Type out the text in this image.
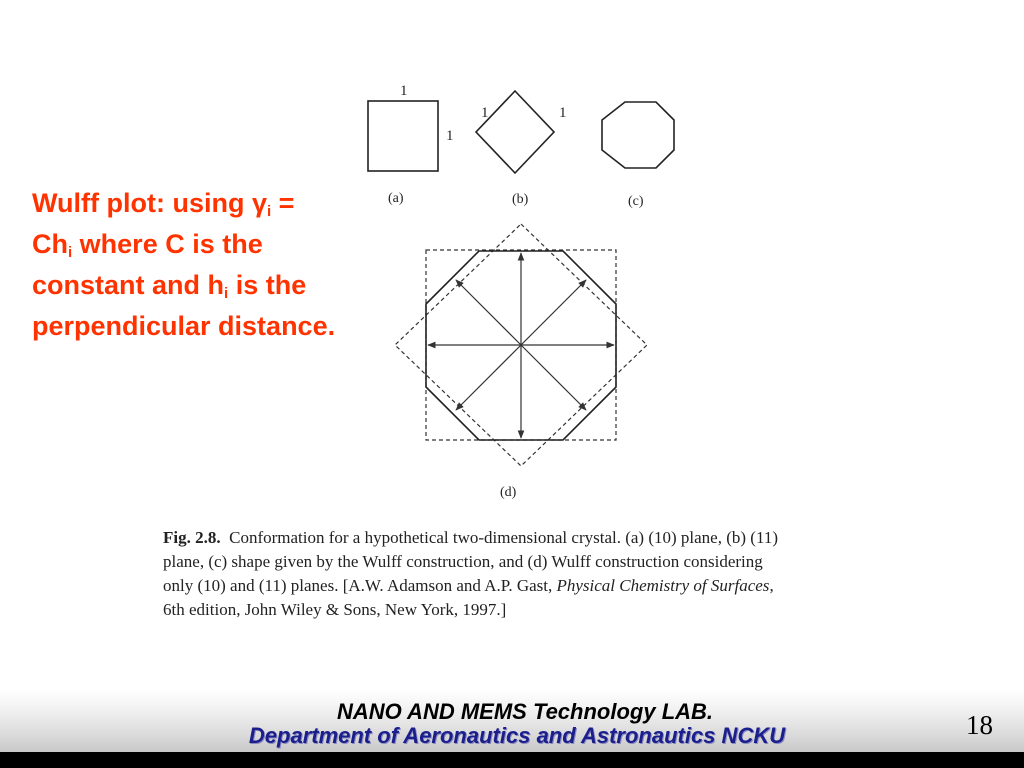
1
1
(a)
1	1
(b)	(c)
(d)
Fig. 2.8. Conformation for a hypothetical two-dimensional crystal. (a) (10) plane, (b) (11)
plane, (c) shape given by the Wulff construction, and (d) Wulff construction considering
only (10) and (11) planes. [A.W. Adamson and A.P. Gast, Physical Chemistry of Surfaces,
6th edition, John Wiley & Sons, New York, 1997.]
Wulff plot: using $\gamma_i$ =
$Ch_i$ where C is the
constant and $h_i$ is the
perpendicular distance.
NANO AND MEMS Technology LAB.
Department of Aeronautics and Astronautics NCKU	18
